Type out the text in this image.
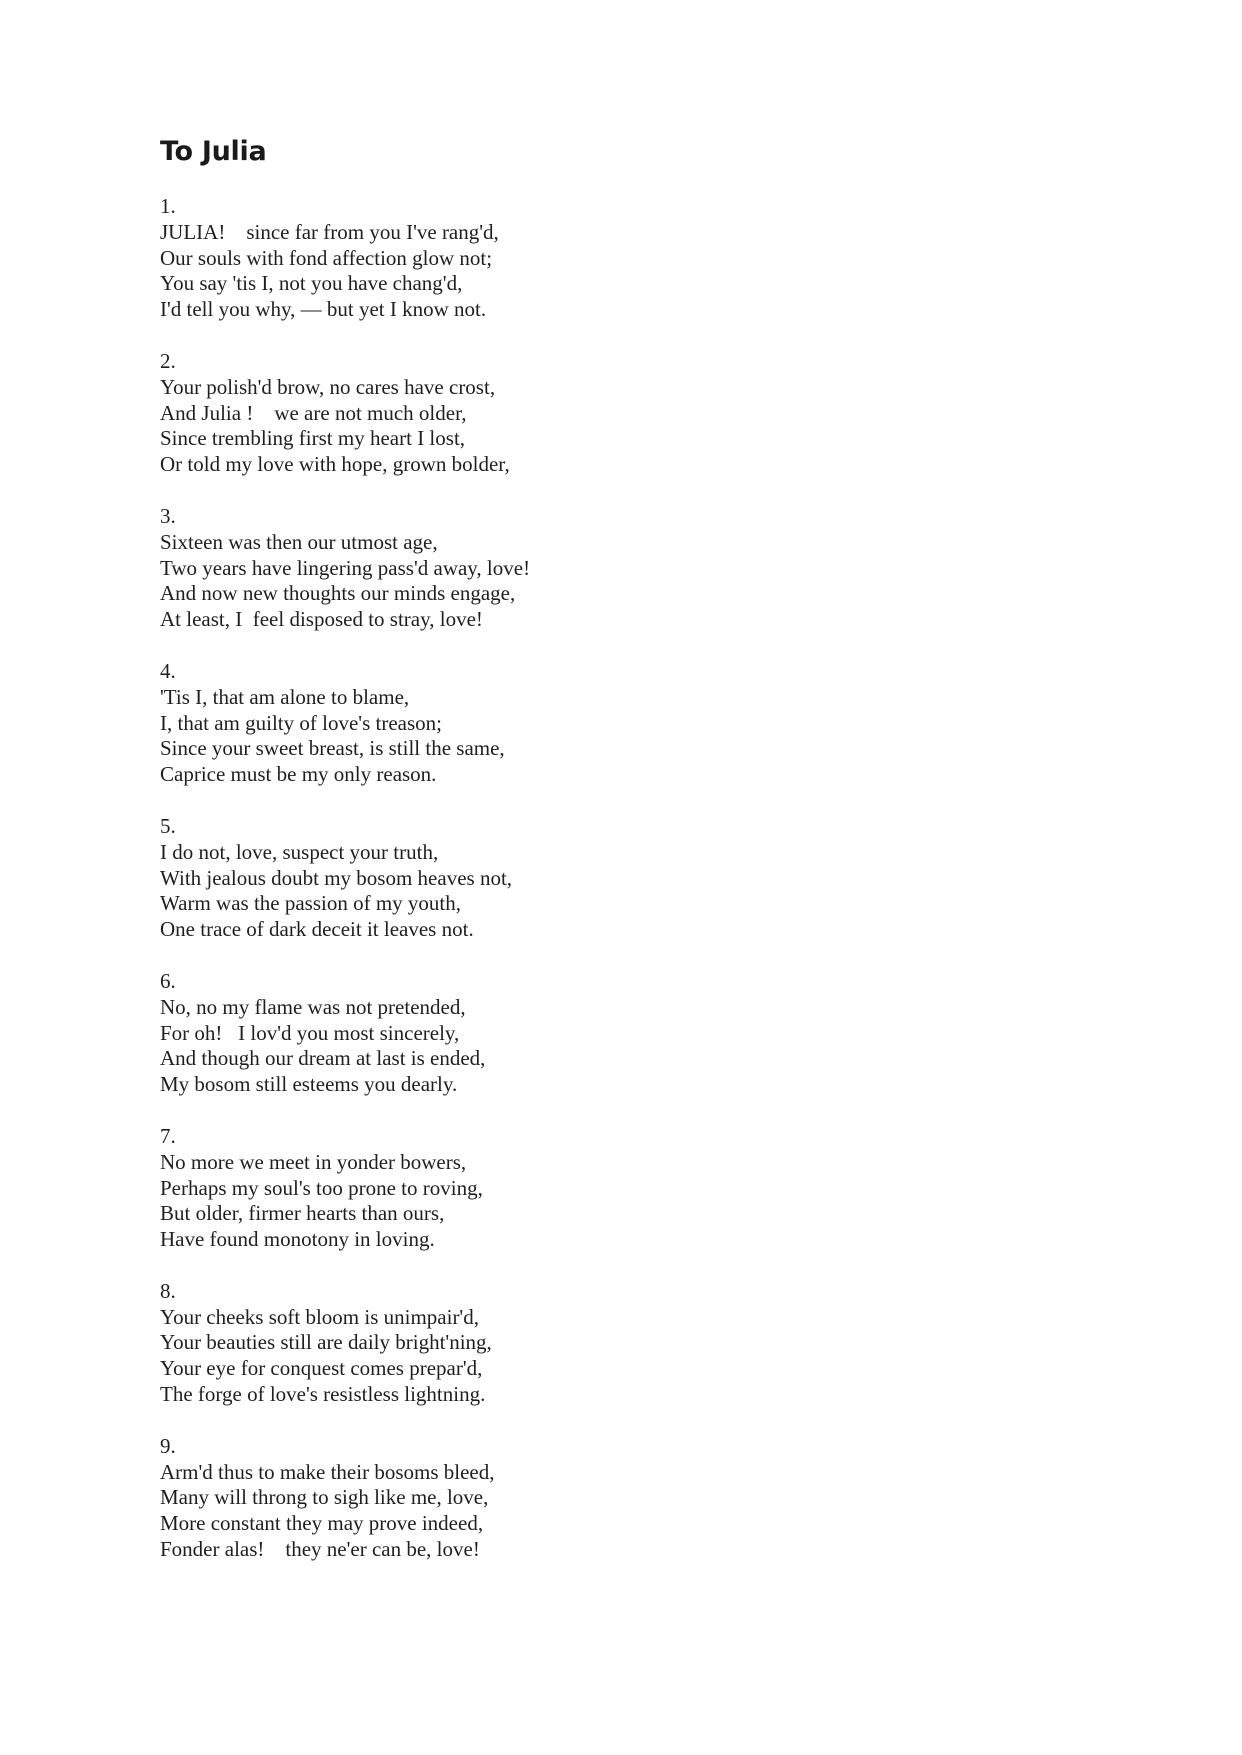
To Julia
1.
JULIA!    since far from you I've rang'd,
Our souls with fond affection glow not;
You say 'tis I, not you have chang'd,
I'd tell you why, — but yet I know not.
2.
Your polish'd brow, no cares have crost,
And Julia !    we are not much older,
Since trembling first my heart I lost,
Or told my love with hope, grown bolder,
3.
Sixteen was then our utmost age,
Two years have lingering pass'd away, love!
And now new thoughts our minds engage,
At least, I  feel disposed to stray, love!
4.
'Tis I, that am alone to blame,
I, that am guilty of love's treason;
Since your sweet breast, is still the same,
Caprice must be my only reason.
5.
I do not, love, suspect your truth,
With jealous doubt my bosom heaves not,
Warm was the passion of my youth,
One trace of dark deceit it leaves not.
6.
No, no my flame was not pretended,
For oh!   I lov'd you most sincerely,
And though our dream at last is ended,
My bosom still esteems you dearly.
7.
No more we meet in yonder bowers,
Perhaps my soul's too prone to roving,
But older, firmer hearts than ours,
Have found monotony in loving.
8.
Your cheeks soft bloom is unimpair'd,
Your beauties still are daily bright'ning,
Your eye for conquest comes prepar'd,
The forge of love's resistless lightning.
9.
Arm'd thus to make their bosoms bleed,
Many will throng to sigh like me, love,
More constant they may prove indeed,
Fonder alas!    they ne'er can be, love!
